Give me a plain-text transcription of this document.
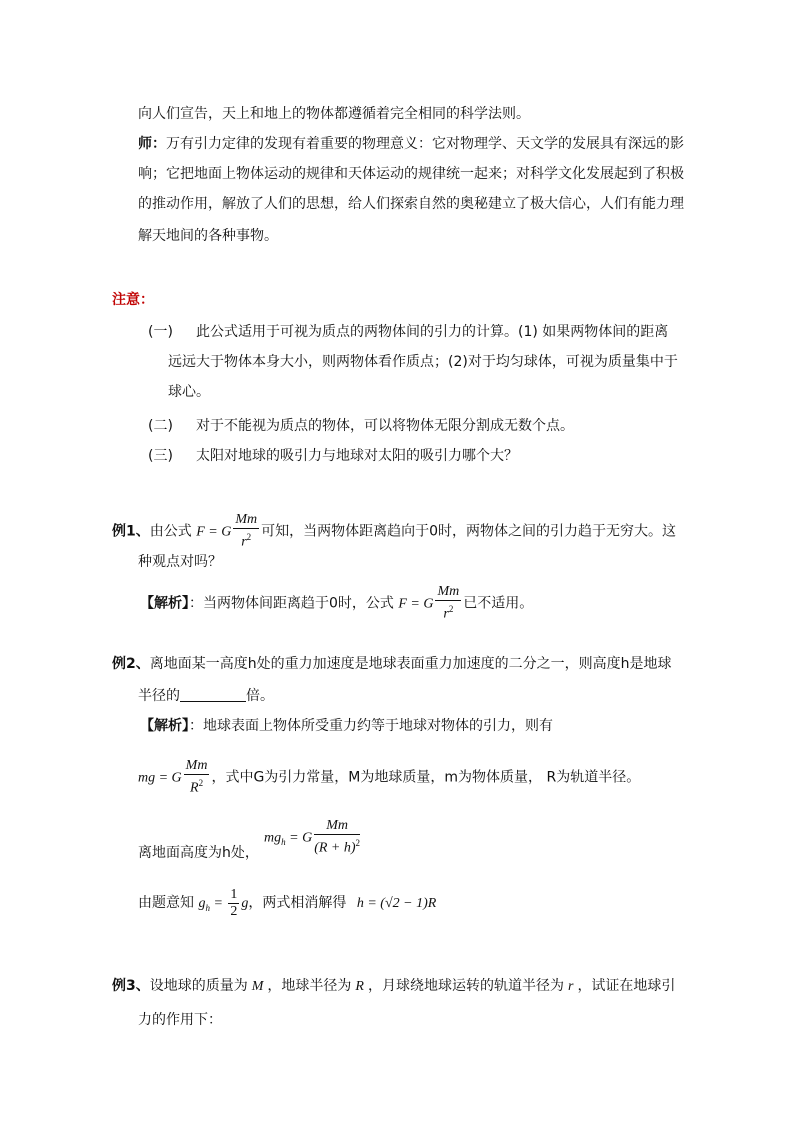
向人们宣告，天上和地上的物体都遵循着完全相同的科学法则。
师：万有引力定律的发现有着重要的物理意义：它对物理学、天文学的发展具有深远的影
响；它把地面上物体运动的规律和天体运动的规律统一起来；对科学文化发展起到了积极
的推动作用，解放了人们的思想，给人们探索自然的奥秘建立了极大信心，人们有能力理
解天地间的各种事物。
注意：
(一) 此公式适用于可视为质点的两物体间的引力的计算。(1) 如果两物体间的距离
远远大于物体本身大小，则两物体看作质点；(2)对于均匀球体，可视为质量集中于
球心。
(二) 对于不能视为质点的物体，可以将物体无限分割成无数个点。
(三) 太阳对地球的吸引力与地球对太阳的吸引力哪个大？
例1、由公式 F = G $\frac{Mm}{r^2}$ 可知，当两物体距离趋向于0时，两物体之间的引力趋于无穷大。这
种观点对吗？
【解析】：当两物体间距离趋于0时，公式 F = G $\frac{Mm}{r^2}$ 已不适用。
例2、离地面某一高度h处的重力加速度是地球表面重力加速度的二分之一，则高度h是地球
半径的	倍。
【解析】：地球表面上物体所受重力约等于地球对物体的引力，则有
mg = G $\frac{Mm}{R^2}$ ，式中G为引力常量，M为地球质量，m为物体质量， R为轨道半径。
$mg_h = G \frac{Mm}{(R + h)^2}$
离地面高度为h处，
由题意知 $g_h = \frac{1}{2}$ g，两式相消解得 h = (√2 − 1)R
例3、设地球的质量为 M ，地球半径为 R ，月球绕地球运转的轨道半径为 r ，试证在地球引
力的作用下：
